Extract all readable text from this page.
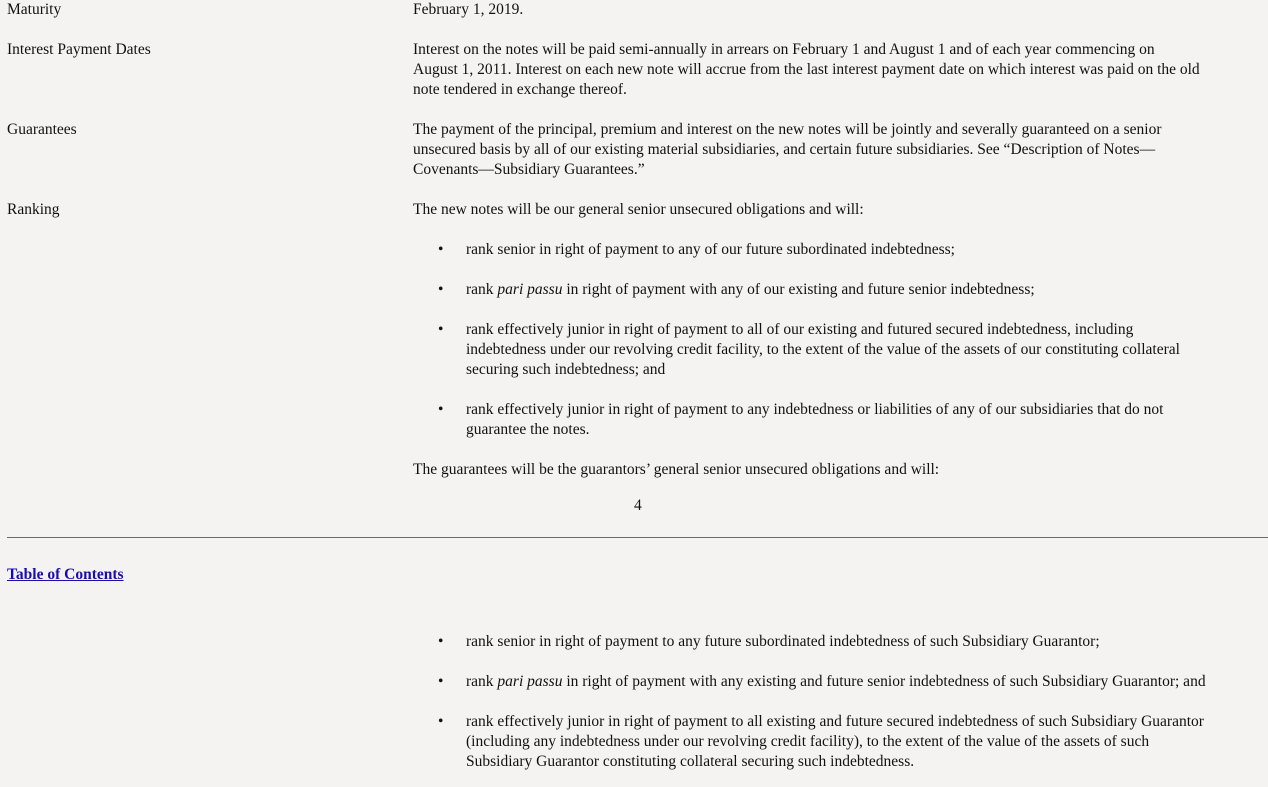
Maturity	February 1, 2019.
Interest Payment Dates	Interest on the notes will be paid semi-annually in arrears on February 1 and August 1 and of each year commencing on
August 1, 2011. Interest on each new note will accrue from the last interest payment date on which interest was paid on the old
note tendered in exchange thereof.
Guarantees	The payment of the principal, premium and interest on the new notes will be jointly and severally guaranteed on a senior
unsecured basis by all of our existing material subsidiaries, and certain future subsidiaries. See “Description of Notes—
Covenants—Subsidiary Guarantees.”
Ranking	The new notes will be our general senior unsecured obligations and will:
• rank senior in right of payment to any of our future subordinated indebtedness;
• rank pari passu in right of payment with any of our existing and future senior indebtedness;
• rank effectively junior in right of payment to all of our existing and futured secured indebtedness, including
indebtedness under our revolving credit facility, to the extent of the value of the assets of our constituting collateral
securing such indebtedness; and
• rank effectively junior in right of payment to any indebtedness or liabilities of any of our subsidiaries that do not
guarantee the notes.
The guarantees will be the guarantors’ general senior unsecured obligations and will:
4
Table of Contents
• rank senior in right of payment to any future subordinated indebtedness of such Subsidiary Guarantor;
• rank pari passu in right of payment with any existing and future senior indebtedness of such Subsidiary Guarantor; and
• rank effectively junior in right of payment to all existing and future secured indebtedness of such Subsidiary Guarantor
(including any indebtedness under our revolving credit facility), to the extent of the value of the assets of such
Subsidiary Guarantor constituting collateral securing such indebtedness.
